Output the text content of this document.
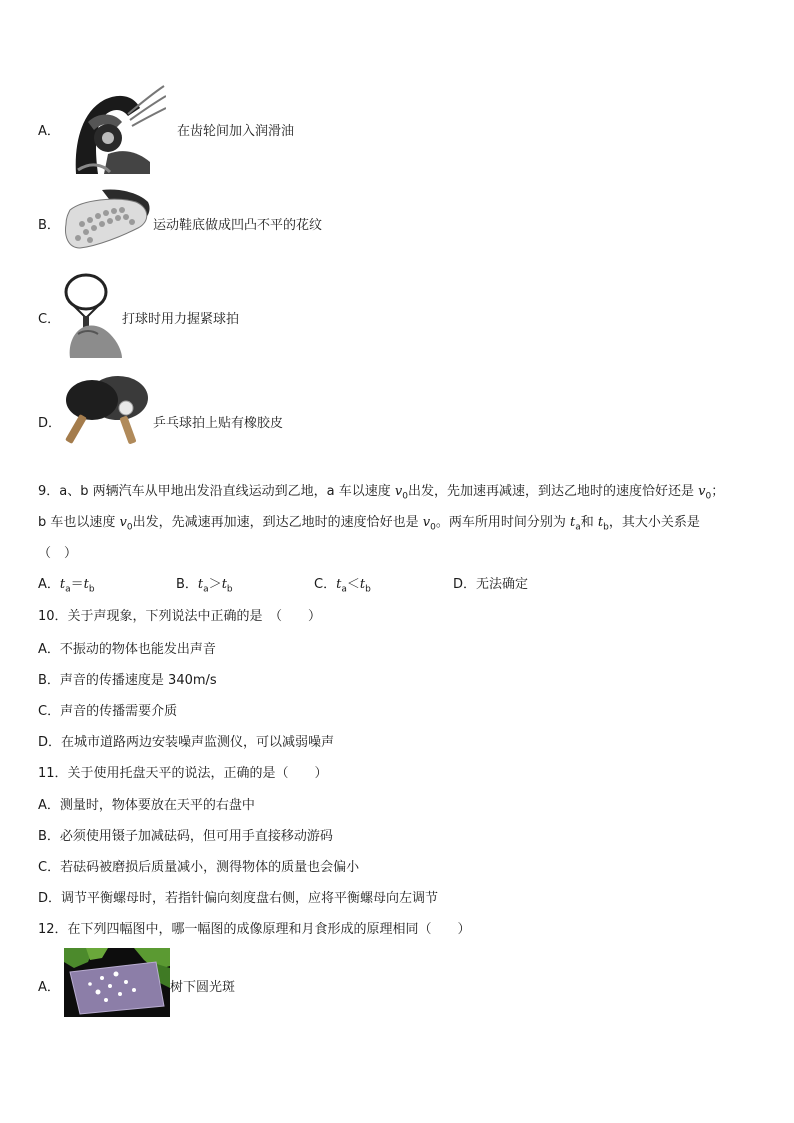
A．	在齿轮间加入润滑油
B．	运动鞋底做成凹凸不平的花纹
C．	打球时用力握紧球拍
D．	乒乓球拍上贴有橡胶皮
9．a、b 两辆汽车从甲地出发沿直线运动到乙地，a 车以速度 $v_0$出发，先加速再减速，到达乙地时的速度恰好还是 $v_0$；
b 车也以速度 $v_0$出发，先减速再加速，到达乙地时的速度恰好也是 $v_0$。两车所用时间分别为 $t_a$和 $t_b$，其大小关系是
（　）
A．$t_a=t_b$	B．$t_a>t_b$	C．$t_a<t_b$	D．无法确定
10．关于声现象，下列说法中正确的是　（　　）
A．不振动的物体也能发出声音
B．声音的传播速度是 340m/s
C．声音的传播需要介质
D．在城市道路两边安装噪声监测仪，可以减弱噪声
11．关于使用托盘天平的说法，正确的是（　　）
A．测量时，物体要放在天平的右盘中
B．必须使用镊子加减砝码，但可用手直接移动游码
C．若砝码被磨损后质量减小，测得物体的质量也会偏小
D．调节平衡螺母时，若指针偏向刻度盘右侧，应将平衡螺母向左调节
12．在下列四幅图中，哪一幅图的成像原理和月食形成的原理相同（　　）
A．	树下圆光斑
